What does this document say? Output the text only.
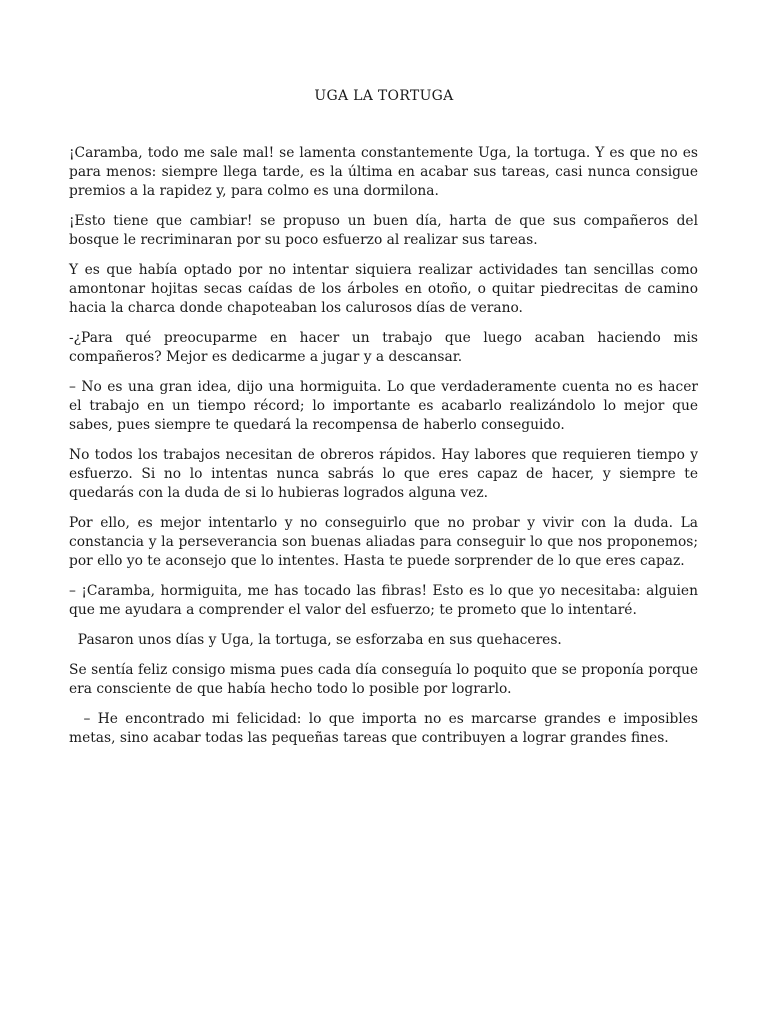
UGA LA TORTUGA

¡Caramba, todo me sale mal! se lamenta constantemente Uga, la tortuga. Y es que no es para menos: siempre llega tarde, es la última en acabar sus tareas, casi nunca consigue premios a la rapidez y, para colmo es una dormilona.

¡Esto tiene que cambiar! se propuso un buen día, harta de que sus compañeros del bosque le recriminaran por su poco esfuerzo al realizar sus tareas.

Y es que había optado por no intentar siquiera realizar actividades tan sencillas como amontonar hojitas secas caídas de los árboles en otoño, o quitar piedrecitas de camino hacia la charca donde chapoteaban los calurosos días de verano.

-¿Para qué preocuparme en hacer un trabajo que luego acaban haciendo mis compañeros? Mejor es dedicarme a jugar y a descansar.

– No es una gran idea, dijo una hormiguita. Lo que verdaderamente cuenta no es hacer el trabajo en un tiempo récord; lo importante es acabarlo realizándolo lo mejor que sabes, pues siempre te quedará la recompensa de haberlo conseguido.

No todos los trabajos necesitan de obreros rápidos. Hay labores que requieren tiempo y esfuerzo. Si no lo intentas nunca sabrás lo que eres capaz de hacer, y siempre te quedarás con la duda de si lo hubieras logrados alguna vez.

Por ello, es mejor intentarlo y no conseguirlo que no probar y vivir con la duda. La constancia y la perseverancia son buenas aliadas para conseguir lo que nos proponemos; por ello yo te aconsejo que lo intentes. Hasta te puede sorprender de lo que eres capaz.

– ¡Caramba, hormiguita, me has tocado las fibras! Esto es lo que yo necesitaba: alguien que me ayudara a comprender el valor del esfuerzo; te prometo que lo intentaré.

Pasaron unos días y Uga, la tortuga, se esforzaba en sus quehaceres.

Se sentía feliz consigo misma pues cada día conseguía lo poquito que se proponía porque era consciente de que había hecho todo lo posible por lograrlo.

– He encontrado mi felicidad: lo que importa no es marcarse grandes e imposibles metas, sino acabar todas las pequeñas tareas que contribuyen a lograr grandes fines.
